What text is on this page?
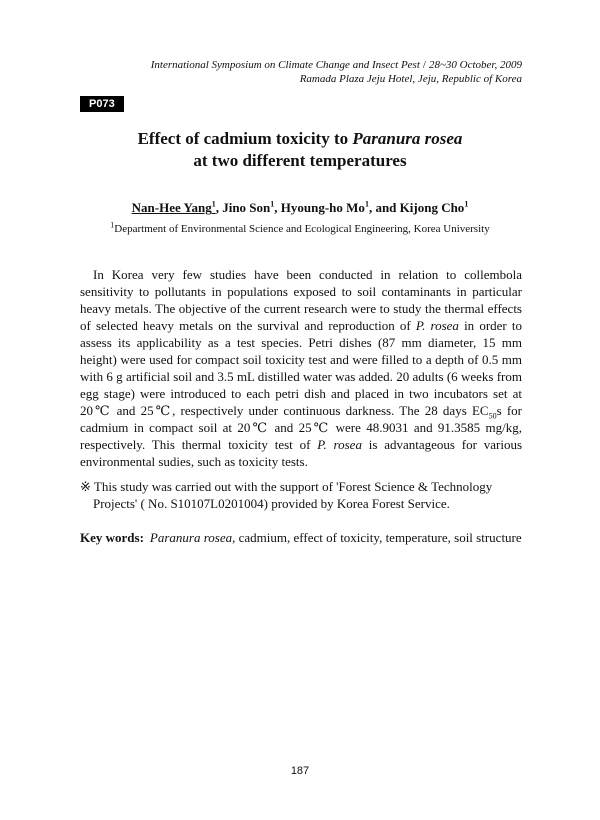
International Symposium on Climate Change and Insect Pest / 28~30 October, 2009
Ramada Plaza Jeju Hotel, Jeju, Republic of Korea
P073
Effect of cadmium toxicity to Paranura rosea
at two different temperatures
Nan-Hee Yang$^1$, Jino Son$^1$, Hyoung-ho Mo$^1$, and Kijong Cho$^1$
$^1$Department of Environmental Science and Ecological Engineering, Korea University

In Korea very few studies have been conducted in relation to collembola sensitivity to pollutants in populations exposed to soil contaminants in particular heavy metals. The objective of the current research were to study the thermal effects of selected heavy metals on the survival and reproduction of P. rosea in order to assess its applicability as a test species. Petri dishes (87 mm diameter, 15 mm height) were used for compact soil toxicity test and were filled to a depth of 0.5 mm with 6 g artificial soil and 3.5 mL distilled water was added. 20 adults (6 weeks from egg stage) were introduced to each petri dish and placed in two incubators set at 20℃ and 25℃, respectively under continuous darkness. The 28 days $EC_{50}s$ for cadmium in compact soil at 20℃ and 25℃ were 48.9031 and 91.3585 mg/kg, respectively. This thermal toxicity test of P. rosea is advantageous for various environmental sudies, such as toxicity tests.

※ This study was carried out with the support of 'Forest Science & Technology Projects' ( No. S10107L0201004) provided by Korea Forest Service.

Key words: Paranura rosea, cadmium, effect of toxicity, temperature, soil structure
187
